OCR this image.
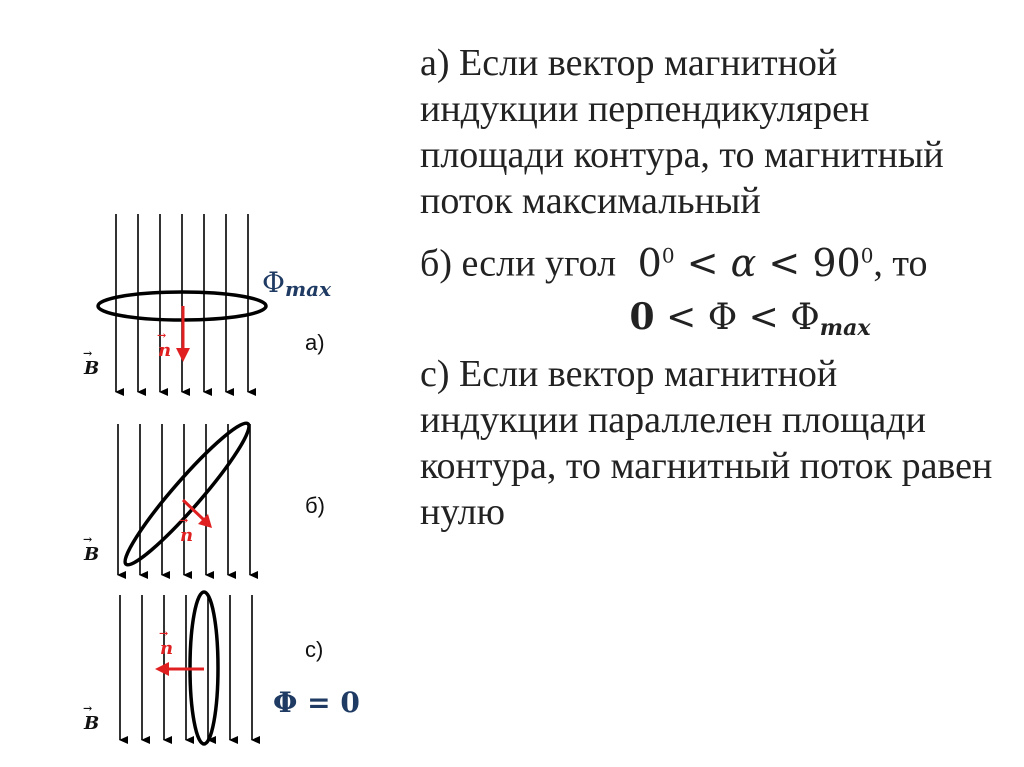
$\Phi_{max}$
a)
б)
c)
Φ = 0
→
B
→
B
→
B
→
n
→
n
→
n

а) Если вектор магнитной индукции перпендикулярен площади контура, то магнитный поток максимальный

б) если угол $0^0 < \alpha < 90^0$, то

$0 < \Phi < \Phi_{max}$

с) Если вектор магнитной индукции параллелен площади контура, то магнитный поток равен нулю
